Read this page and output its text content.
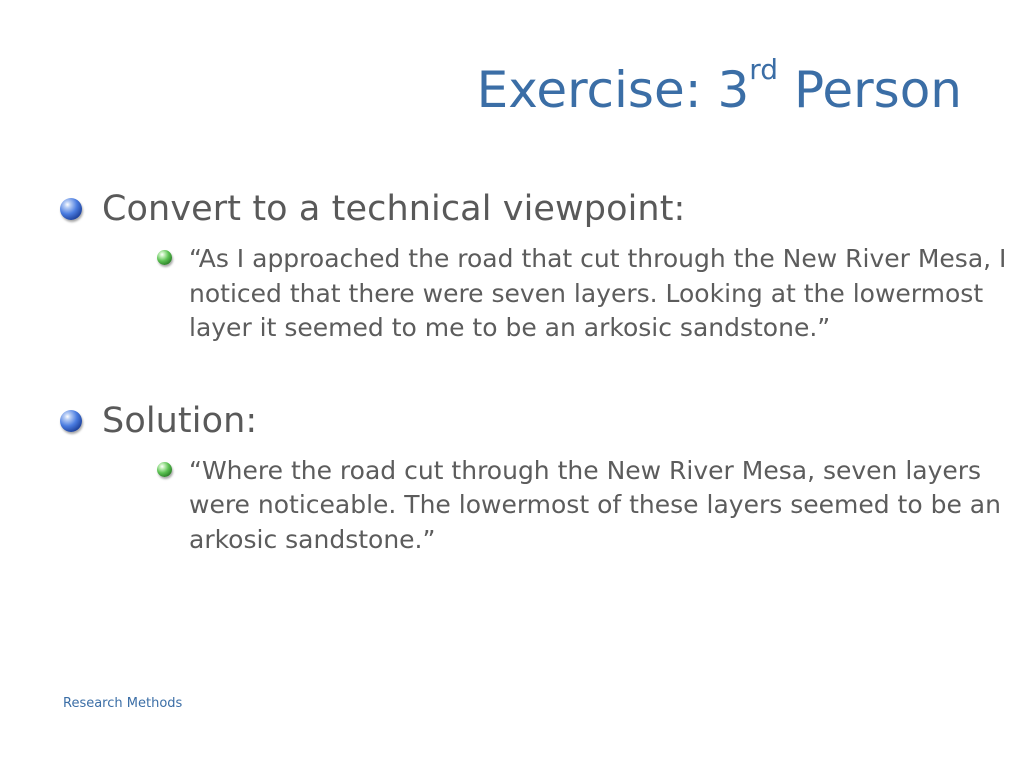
Exercise: 3rd Person
Convert to a technical viewpoint:
“As I approached the road that cut through the New River Mesa, I noticed that there were seven layers. Looking at the lowermost layer it seemed to me to be an arkosic sandstone.”
Solution:
“Where the road cut through the New River Mesa, seven layers were noticeable. The lowermost of these layers seemed to be an arkosic sandstone.”
Research Methods
